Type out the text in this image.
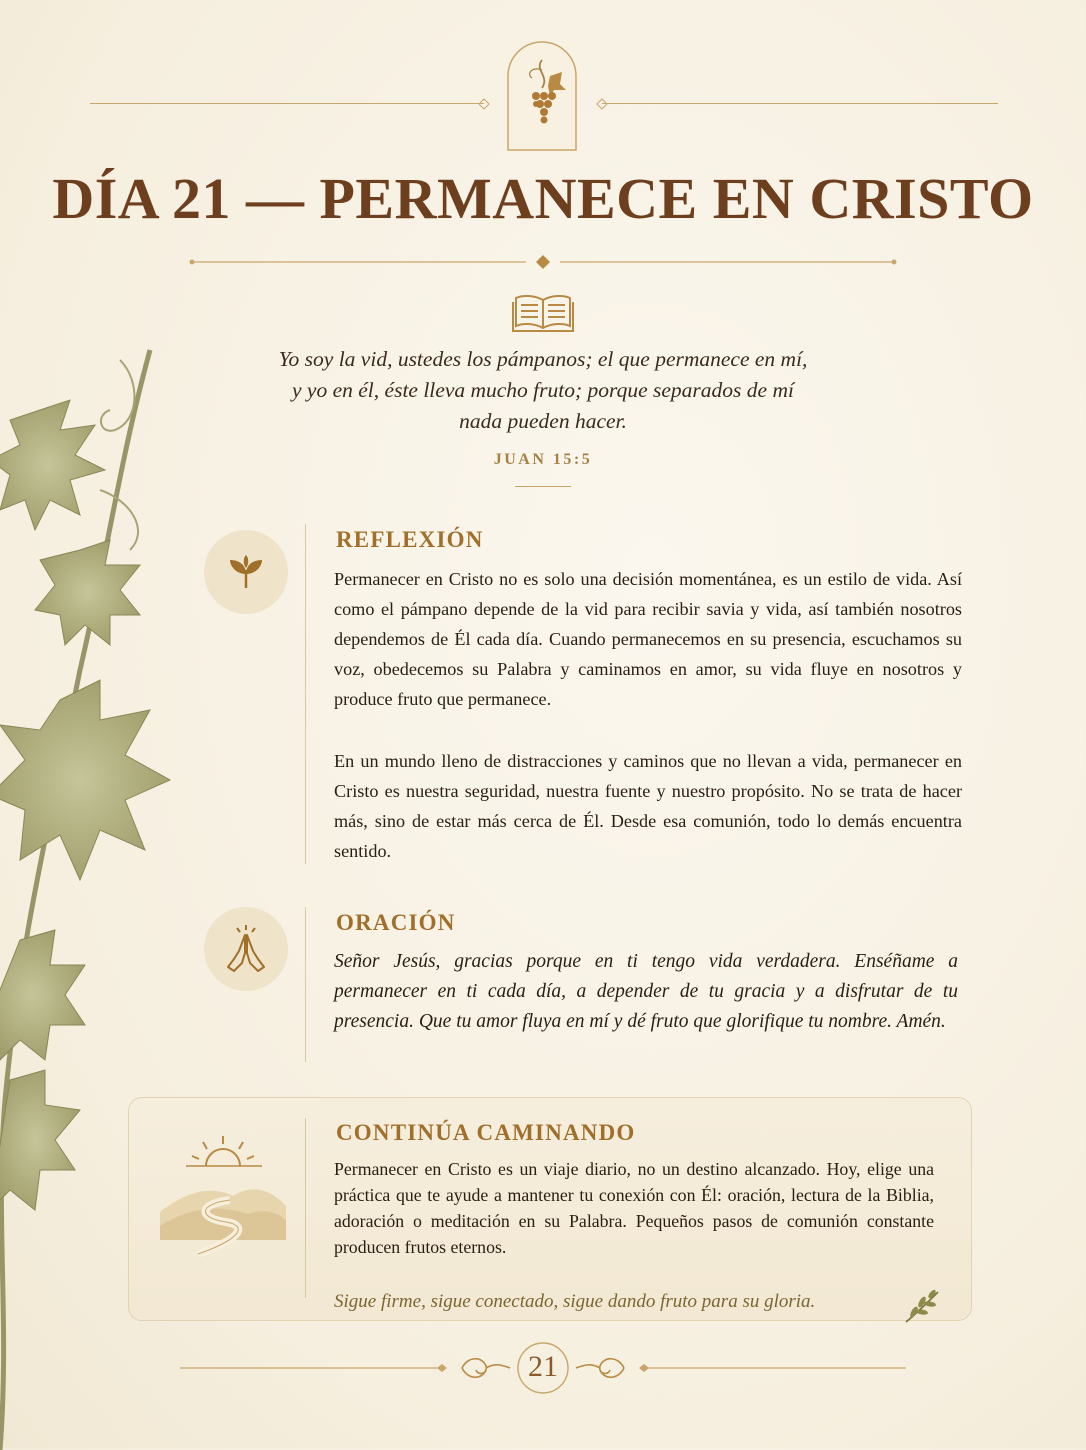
DÍA 21 — PERMANECE EN CRISTO
Yo soy la vid, ustedes los pámpanos; el que permanece en mí,
y yo en él, éste lleva mucho fruto; porque separados de mí
nada pueden hacer.
JUAN 15:5
REFLEXIÓN

Permanecer en Cristo no es solo una decisión momentánea, es un estilo de vida. Así como el pámpano depende de la vid para recibir savia y vida, así también nosotros dependemos de Él cada día. Cuando permanecemos en su presencia, escuchamos su voz, obedecemos su Palabra y caminamos en amor, su vida fluye en nosotros y produce fruto que permanece.

En un mundo lleno de distracciones y caminos que no llevan a vida, permanecer en Cristo es nuestra seguridad, nuestra fuente y nuestro propósito. No se trata de hacer más, sino de estar más cerca de Él. Desde esa comunión, todo lo demás encuentra sentido.

ORACIÓN

Señor Jesús, gracias porque en ti tengo vida verdadera. Enséñame a permanecer en ti cada día, a depender de tu gracia y a disfrutar de tu presencia. Que tu amor fluya en mí y dé fruto que glorifique tu nombre. Amén.

CONTINÚA CAMINANDO

Permanecer en Cristo es un viaje diario, no un destino alcanzado. Hoy, elige una práctica que te ayude a mantener tu conexión con Él: oración, lectura de la Biblia, adoración o meditación en su Palabra. Pequeños pasos de comunión constante producen frutos eternos.

Sigue firme, sigue conectado, sigue dando fruto para su gloria.

21
